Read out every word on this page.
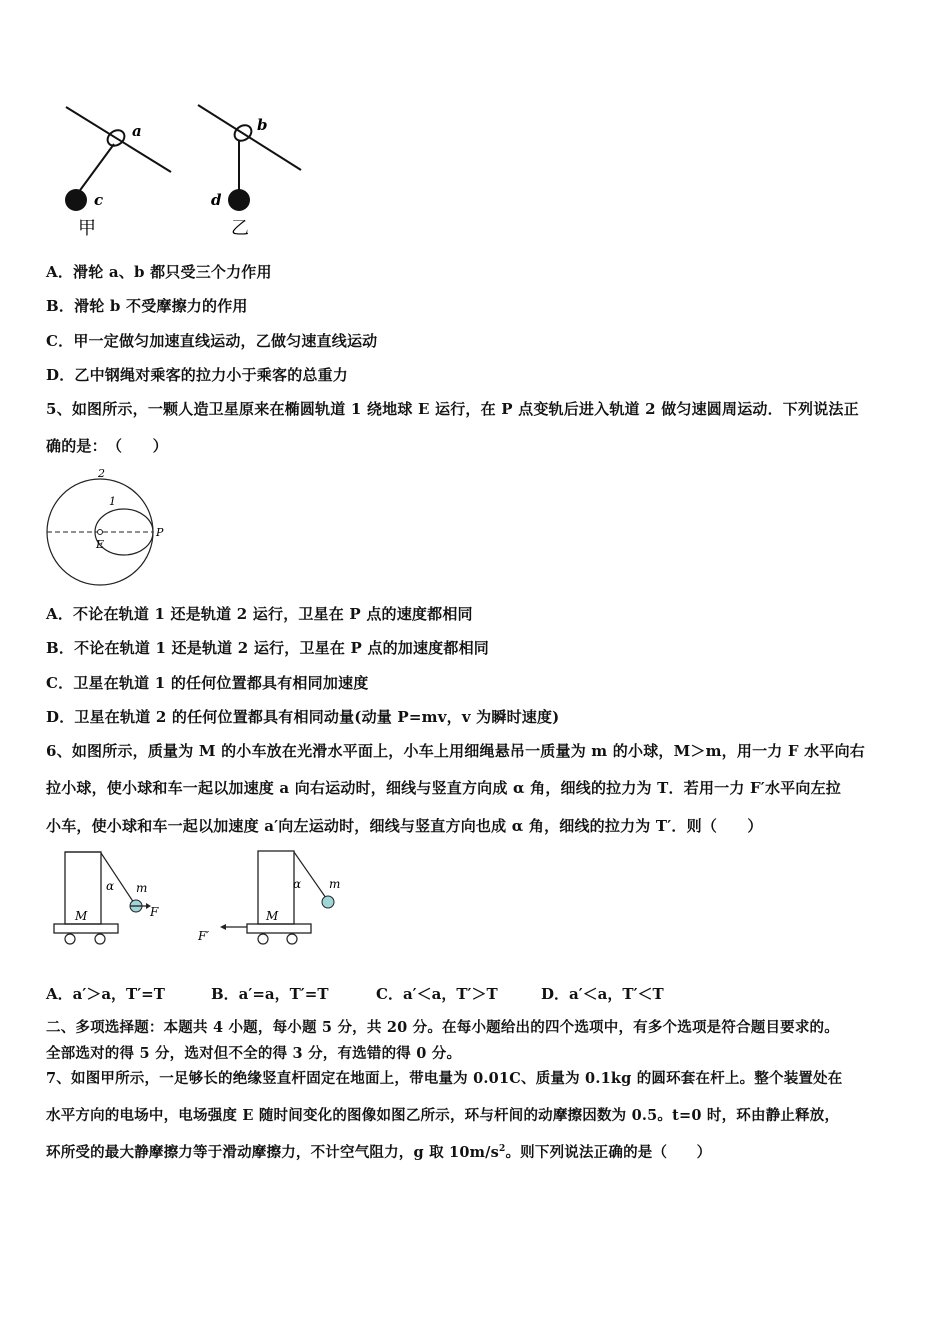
a
c
甲
b
d
乙
A．滑轮 a、b 都只受三个力作用
B．滑轮 b 不受摩擦力的作用
C．甲一定做匀加速直线运动，乙做匀速直线运动
D．乙中钢绳对乘客的拉力小于乘客的总重力
5、如图所示，一颗人造卫星原来在椭圆轨道 1 绕地球 E 运行，在 P 点变轨后进入轨道 2 做匀速圆周运动．下列说法正
确的是：　（　　）
2
1
P
E
A．不论在轨道 1 还是轨道 2 运行，卫星在 P 点的速度都相同
B．不论在轨道 1 还是轨道 2 运行，卫星在 P 点的加速度都相同
C．卫星在轨道 1 的任何位置都具有相同加速度
D．卫星在轨道 2 的任何位置都具有相同动量(动量 P=mv，v 为瞬时速度)
6、如图所示，质量为 M 的小车放在光滑水平面上，小车上用细绳悬吊一质量为 m 的小球，M＞m，用一力 F 水平向右
拉小球，使小球和车一起以加速度 a 向右运动时，细线与竖直方向成 α 角，细线的拉力为 T．若用一力 F′水平向左拉
小车，使小球和车一起以加速度 a′向左运动时，细线与竖直方向也成 α 角，细线的拉力为 T′．则（　　）
α m
M	F
α m
M
F′
A．a′＞a，T′=T	B．a′=a，T′=T	C．a′＜a，T′＞T	D．a′＜a，T′＜T
二、多项选择题：本题共 4 小题，每小题 5 分，共 20 分。在每小题给出的四个选项中，有多个选项是符合题目要求的。
全部选对的得 5 分，选对但不全的得 3 分，有选错的得 0 分。
7、如图甲所示，一足够长的绝缘竖直杆固定在地面上，带电量为 0.01C、质量为 0.1kg 的圆环套在杆上。整个装置处在
水平方向的电场中，电场强度 E 随时间变化的图像如图乙所示，环与杆间的动摩擦因数为 0.5。t=0 时，环由静止释放，
环所受的最大静摩擦力等于滑动摩擦力，不计空气阻力，g 取 $10m/s^2$。则下列说法正确的是（　　）
